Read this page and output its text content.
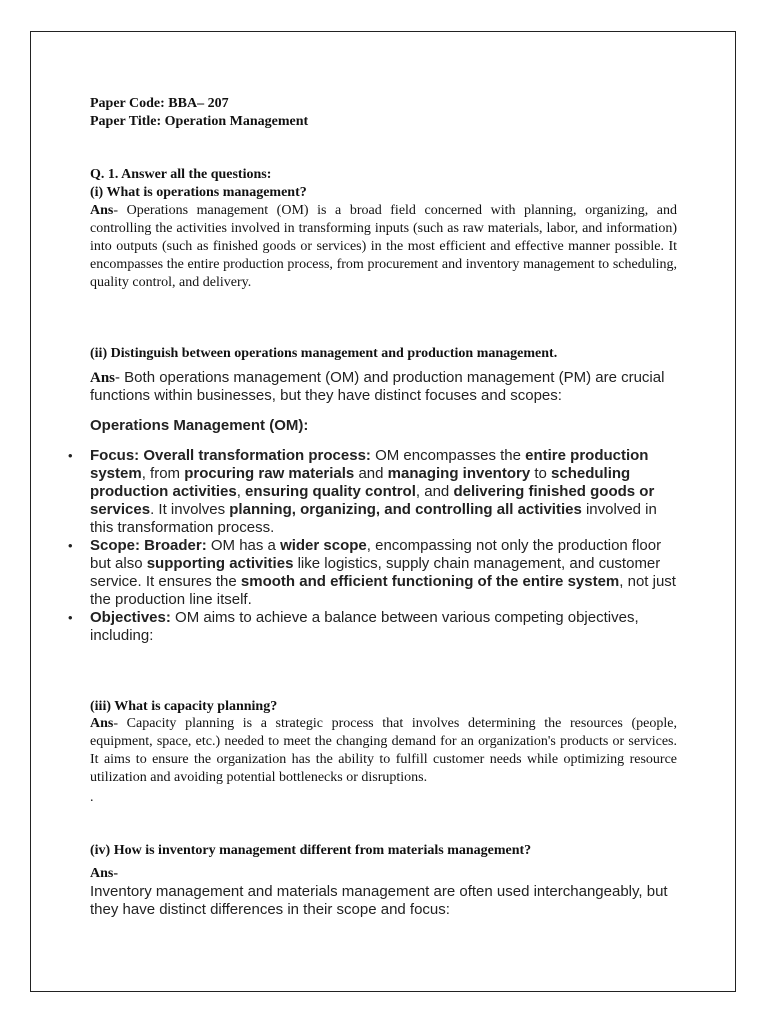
Paper Code: BBA– 207
Paper Title: Operation Management
Q. 1. Answer all the questions:
(i) What is operations management?
Ans- Operations management (OM) is a broad field concerned with planning, organizing, and controlling the activities involved in transforming inputs (such as raw materials, labor, and information) into outputs (such as finished goods or services) in the most efficient and effective manner possible. It encompasses the entire production process, from procurement and inventory management to scheduling, quality control, and delivery.
(ii) Distinguish between operations management and production management.
Ans- Both operations management (OM) and production management (PM) are crucial functions within businesses, but they have distinct focuses and scopes:
Operations Management (OM):
• Focus: Overall transformation process: OM encompasses the entire production system, from procuring raw materials and managing inventory to scheduling production activities, ensuring quality control, and delivering finished goods or services. It involves planning, organizing, and controlling all activities involved in this transformation process.
• Scope: Broader: OM has a wider scope, encompassing not only the production floor but also supporting activities like logistics, supply chain management, and customer service. It ensures the smooth and efficient functioning of the entire system, not just the production line itself.
• Objectives: OM aims to achieve a balance between various competing objectives, including:
(iii) What is capacity planning?
Ans- Capacity planning is a strategic process that involves determining the resources (people, equipment, space, etc.) needed to meet the changing demand for an organization's products or services. It aims to ensure the organization has the ability to fulfill customer needs while optimizing resource utilization and avoiding potential bottlenecks or disruptions.
.
(iv) How is inventory management different from materials management?
Ans-
Inventory management and materials management are often used interchangeably, but they have distinct differences in their scope and focus:
